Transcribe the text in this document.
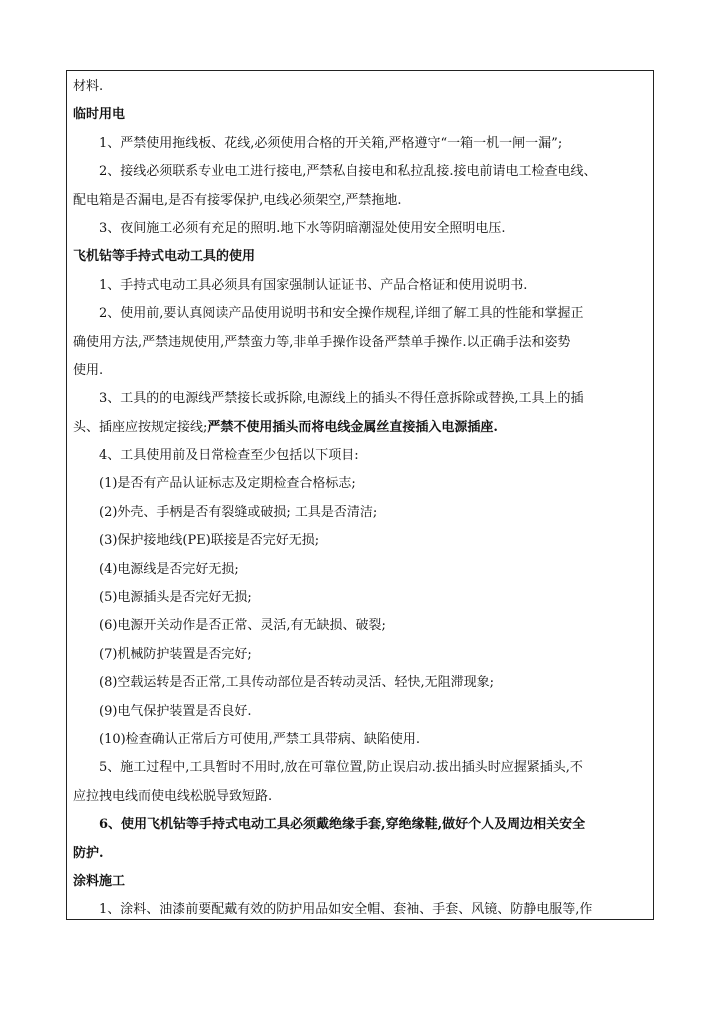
材料.

临时用电

1、严禁使用拖线板、花线,必须使用合格的开关箱,严格遵守“一箱一机一闸一漏”;

2、接线必须联系专业电工进行接电,严禁私自接电和私拉乱接.接电前请电工检查电线、

配电箱是否漏电,是否有接零保护,电线必须架空,严禁拖地.

3、夜间施工必须有充足的照明.地下水等阴暗潮湿处使用安全照明电压.

飞机钻等手持式电动工具的使用

1、手持式电动工具必须具有国家强制认证证书、产品合格证和使用说明书.

2、使用前,要认真阅读产品使用说明书和安全操作规程,详细了解工具的性能和掌握正

确使用方法,严禁违规使用,严禁蛮力等,非单手操作设备严禁单手操作.以正确手法和姿势

使用.

3、工具的的电源线严禁接长或拆除,电源线上的插头不得任意拆除或替换,工具上的插

头、插座应按规定接线;严禁不使用插头而将电线金属丝直接插入电源插座.

4、工具使用前及日常检查至少包括以下项目:

(1)是否有产品认证标志及定期检查合格标志;

(2)外壳、手柄是否有裂缝或破损; 工具是否清洁;

(3)保护接地线(PE)联接是否完好无损;

(4)电源线是否完好无损;

(5)电源插头是否完好无损;

(6)电源开关动作是否正常、灵活,有无缺损、破裂;

(7)机械防护装置是否完好;

(8)空载运转是否正常,工具传动部位是否转动灵活、轻快,无阻滞现象;

(9)电气保护装置是否良好.

(10)检查确认正常后方可使用,严禁工具带病、缺陷使用.

5、施工过程中,工具暂时不用时,放在可靠位置,防止误启动.拔出插头时应握紧插头,不

应拉拽电线而使电线松脱导致短路.

6、使用飞机钻等手持式电动工具必须戴绝缘手套,穿绝缘鞋,做好个人及周边相关安全

防护.

涂料施工

1、涂料、油漆前要配戴有效的防护用品如安全帽、套袖、手套、风镜、防静电服等,作
